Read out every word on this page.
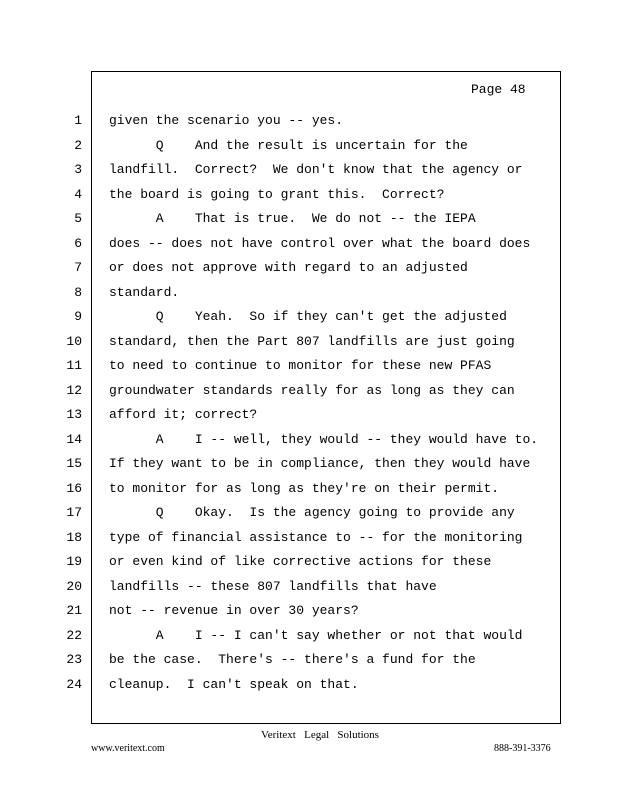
Page 48
1 given the scenario you -- yes.
2 Q    And the result is uncertain for the
3 landfill.  Correct?  We don't know that the agency or
4 the board is going to grant this.  Correct?
5 A    That is true.  We do not -- the IEPA
6 does -- does not have control over what the board does
7 or does not approve with regard to an adjusted
8 standard.
9 Q    Yeah.  So if they can't get the adjusted
10 standard, then the Part 807 landfills are just going
11 to need to continue to monitor for these new PFAS
12 groundwater standards really for as long as they can
13 afford it; correct?
14 A    I -- well, they would -- they would have to.
15 If they want to be in compliance, then they would have
16 to monitor for as long as they're on their permit.
17 Q    Okay.  Is the agency going to provide any
18 type of financial assistance to -- for the monitoring
19 or even kind of like corrective actions for these
20 landfills -- these 807 landfills that have
21 not -- revenue in over 30 years?
22 A    I -- I can't say whether or not that would
23 be the case.  There's -- there's a fund for the
24 cleanup.  I can't speak on that.
Veritext   Legal   Solutions
www.veritext.com	888-391-3376
